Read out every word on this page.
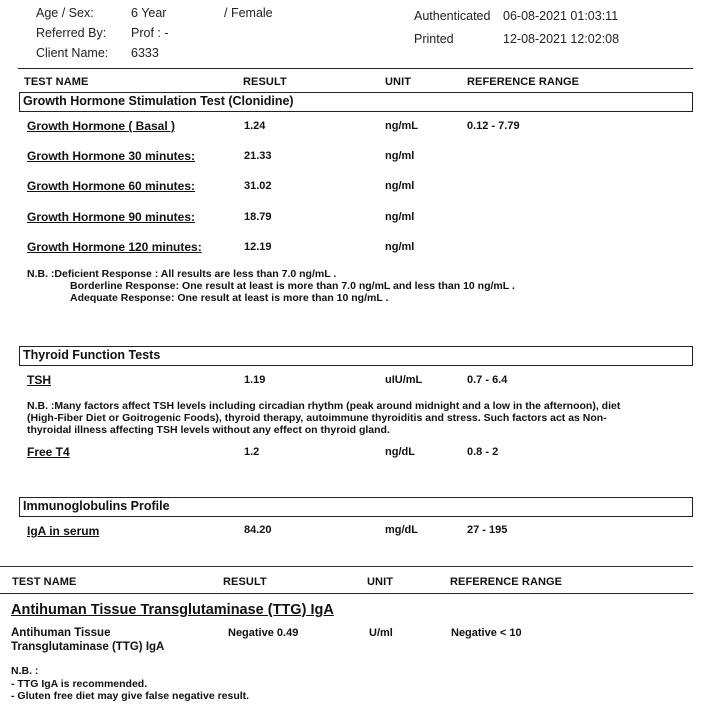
Age / Sex:	6 Year	/ Female	Authenticated 06-08-2021 01:03:11
Referred By: Prof : -	Printed	12-08-2021 12:02:08
Client Name: 6333
TEST NAME	RESULT	UNIT	REFERENCE RANGE
Growth Hormone Stimulation Test (Clonidine)
Growth Hormone ( Basal )	1.24	ng/mL	0.12 - 7.79
Growth Hormone 30 minutes:	21.33	ng/ml
Growth Hormone 60 minutes:	31.02	ng/ml
Growth Hormone 90 minutes:	18.79	ng/ml
Growth Hormone 120 minutes:	12.19	ng/ml
N.B. :Deficient Response : All results are less than 7.0 ng/mL .
Borderline Response: One result at least is more than 7.0 ng/mL and less than 10 ng/mL .
Adequate Response: One result at least is more than 10 ng/mL .
Thyroid Function Tests
TSH	1.19	uIU/mL	0.7 - 6.4
N.B. :Many factors affect TSH levels including circadian rhythm (peak around midnight and a low in the afternoon), diet
(High-Fiber Diet or Goitrogenic Foods), thyroid therapy, autoimmune thyroiditis and stress. Such factors act as Non-
thyroidal illness affecting TSH levels without any effect on thyroid gland.
Free T4	1.2	ng/dL	0.8 - 2
Immunoglobulins Profile
IgA in serum	84.20	mg/dL	27 - 195
TEST NAME	RESULT	UNIT	REFERENCE RANGE
Antihuman Tissue Transglutaminase (TTG) IgA
Antihuman Tissue
Transglutaminase (TTG) IgA
Negative 0.49	U/ml	Negative < 10
N.B. :
- TTG IgA is recommended.
- Gluten free diet may give false negative result.
